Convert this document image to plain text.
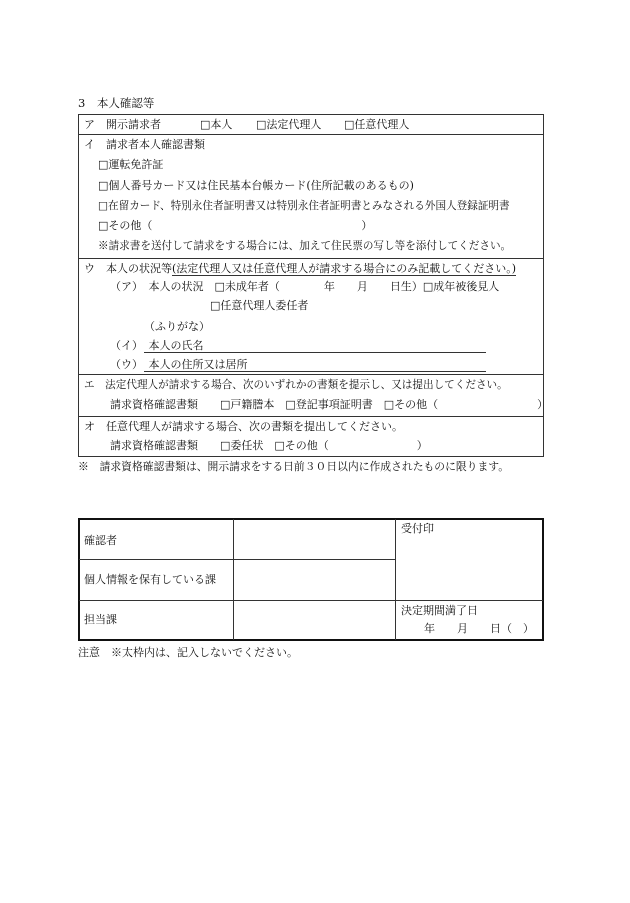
3　本人確認等
ア　開示請求者	□本人 □法定代理人 □任意代理人
イ　請求者本人確認書類
□運転免許証
□個人番号カード又は住民基本台帳カード(住所記載のあるもの)
□在留カード、特別永住者証明書又は特別永住者証明書とみなされる外国人登録証明書
□その他（　　　　　　　　　　　　　　　　　　　）
※請求書を送付して請求をする場合には、加えて住民票の写し等を添付してください。
ウ　本人の状況等(法定代理人又は任意代理人が請求する場合にのみ記載してください。)
（ア）　本人の状況　□未成年者（　　　　年　　月　　日生）□成年被後見人
□任意代理人委任者
（ふりがな）
（イ）　本人の氏名
（ウ）　本人の住所又は居所
エ　法定代理人が請求する場合、次のいずれかの書類を提示し、又は提出してください。
請求資格確認書類　　□戸籍謄本　□登記事項証明書　□その他（　　　　　　　　　）
オ　任意代理人が請求する場合、次の書類を提出してください。
請求資格確認書類　　□委任状　□その他（　　　　　　　　）
※　請求資格確認書類は、開示請求をする日前３０日以内に作成されたものに限ります。
確認者
個人情報を保有している課
受付印
担当課
決定期間満了日
年　　月　　日（　）
注意　※太枠内は、記入しないでください。
